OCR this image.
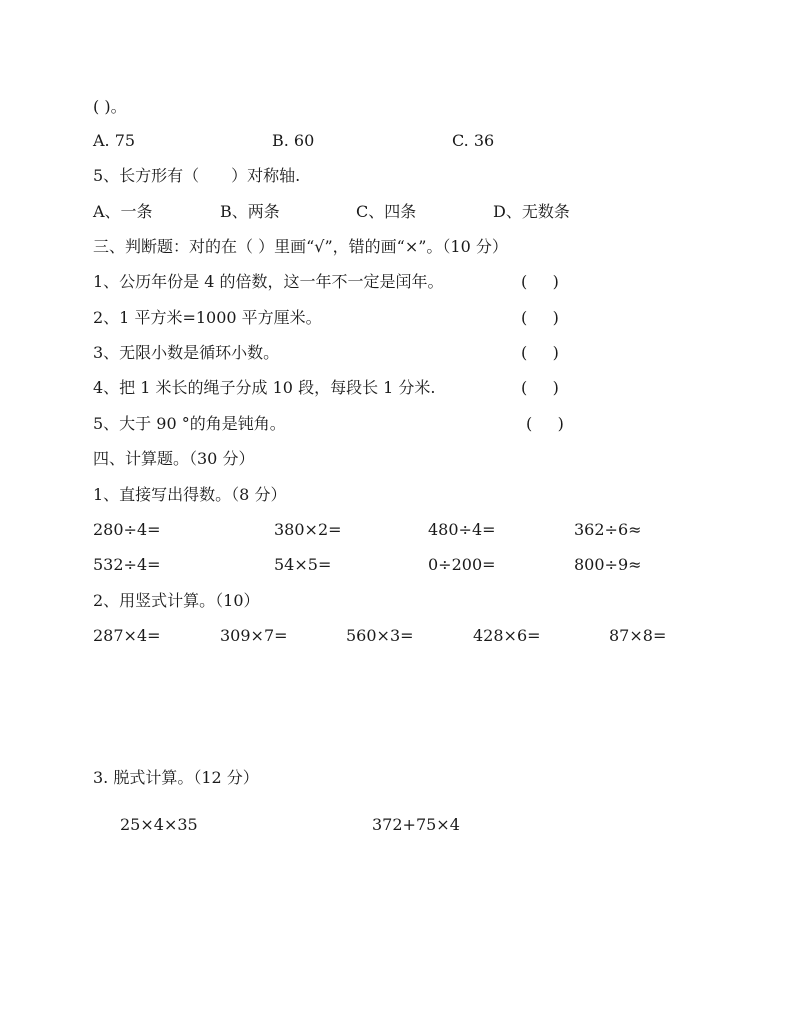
( )。
A. 75	B. 60	C. 36
5、长方形有（　　）对称轴.
A、一条	B、两条	C、四条	D、无数条
三、判断题：对的在（ ）里画“√”，错的画“×”。（10 分）
1、公历年份是 4 的倍数，这一年不一定是闰年。	(     )
2、1 平方米=1000 平方厘米。	(     )
3、无限小数是循环小数。	(     )
4、把 1 米长的绳子分成 10 段，每段长 1 分米.	(     )
5、大于 90 °的角是钝角。	(     )
四、计算题。（30 分）
1、直接写出得数。（8 分）
280÷4=	380×2=	480÷4=	362÷6≈
532÷4=	54×5=	0÷200=	800÷9≈
2、用竖式计算。（10）
287×4=	309×7=	560×3=	428×6=	87×8=
3. 脱式计算。（12 分）
25×4×35	372+75×4
